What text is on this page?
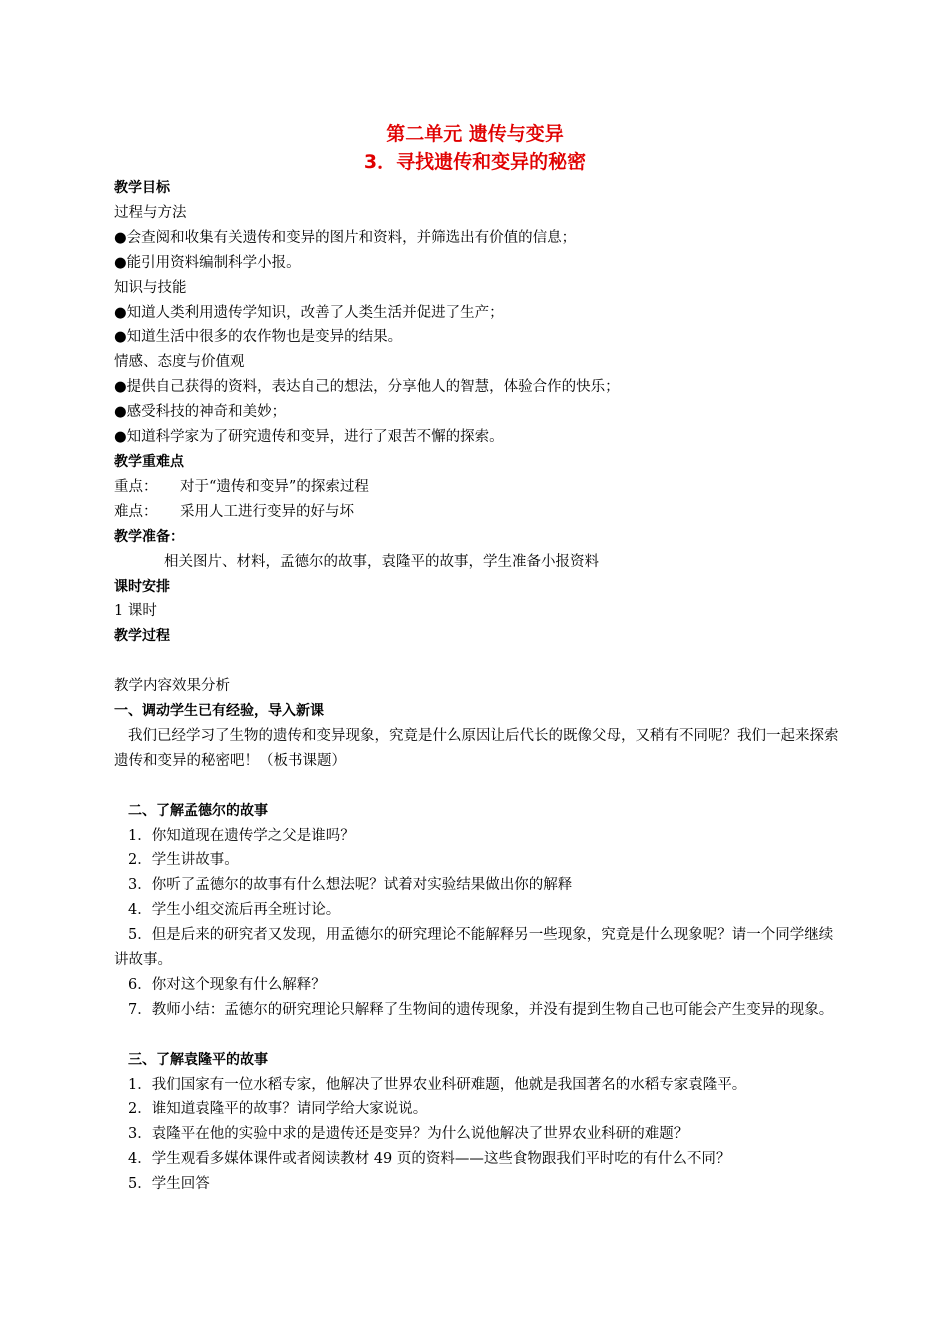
第二单元 遗传与变异
3．寻找遗传和变异的秘密
教学目标
过程与方法
●会查阅和收集有关遗传和变异的图片和资料，并筛选出有价值的信息；
●能引用资料编制科学小报。
知识与技能
●知道人类利用遗传学知识，改善了人类生活并促进了生产；
●知道生活中很多的农作物也是变异的结果。
情感、态度与价值观
●提供自己获得的资料，表达自己的想法，分享他人的智慧，体验合作的快乐；
●感受科技的神奇和美妙；
●知道科学家为了研究遗传和变异，进行了艰苦不懈的探索。
教学重难点
重点： 对于“遗传和变异”的探索过程
难点： 采用人工进行变异的好与坏
教学准备：
相关图片、材料，孟德尔的故事，袁隆平的故事，学生准备小报资料
课时安排
1 课时
教学过程
教学内容效果分析
一、调动学生已有经验，导入新课
我们已经学习了生物的遗传和变异现象，究竟是什么原因让后代长的既像父母，又稍有不同呢？我们一起来探索遗传和变异的秘密吧！（板书课题）
二、了解孟德尔的故事
1．你知道现在遗传学之父是谁吗？
2．学生讲故事。
3．你听了孟德尔的故事有什么想法呢？试着对实验结果做出你的解释
4．学生小组交流后再全班讨论。
5．但是后来的研究者又发现，用孟德尔的研究理论不能解释另一些现象，究竟是什么现象呢？请一个同学继续讲故事。
6．你对这个现象有什么解释？
7．教师小结：孟德尔的研究理论只解释了生物间的遗传现象，并没有提到生物自己也可能会产生变异的现象。
三、了解袁隆平的故事
1．我们国家有一位水稻专家，他解决了世界农业科研难题，他就是我国著名的水稻专家袁隆平。
2．谁知道袁隆平的故事？请同学给大家说说。
3．袁隆平在他的实验中求的是遗传还是变异？为什么说他解决了世界农业科研的难题？
4．学生观看多媒体课件或者阅读教材 49 页的资料——这些食物跟我们平时吃的有什么不同？
5．学生回答
